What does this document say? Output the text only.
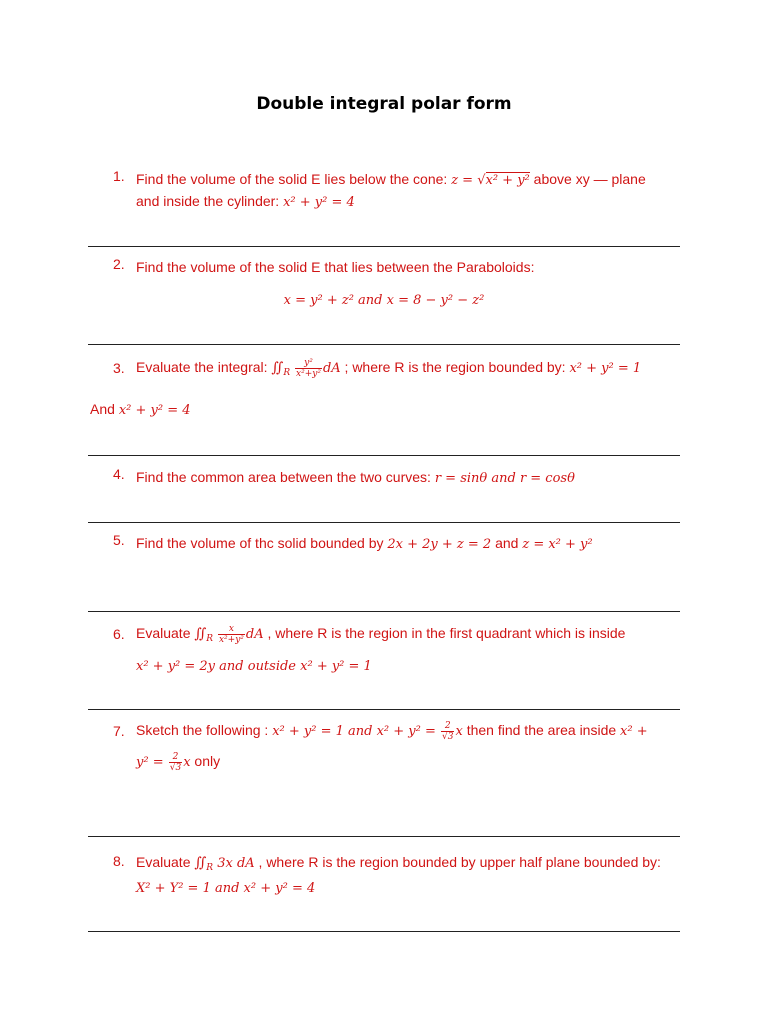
Double integral polar form
1. Find the volume of the solid E lies below the cone: z = √x² + y² above xy — plane
and inside the cylinder: x² + y² = 4
2. Find the volume of the solid E that lies between the Paraboloids:
x = y² + z² and x = 8 − y² − z²
3. Evaluate the integral: $∬_R \frac{\text{y²}}{\text{x²+y²}}$ dA ; where R is the region bounded by: x² + y² = 1
And x² + y² = 4
4. Find the common area between the two curves: r = sinθ and r = cosθ
5. Find the volume of thc solid bounded by 2x + 2y + z = 2 and z = x² + y²
6. Evaluate $∬_R \frac{x}{\text{x²+y²}}$ dA , where R is the region in the first quadrant which is inside
x² + y² = 2y and outside x² + y² = 1
7. Sketch the following : x² + y² = 1 and $x^2 + y^2 = \frac{2}{√3}$ x then find the area inside x² +
$y^2 = \frac{2}{√3}$ x only
8. Evaluate $∬_R$ 3x dA , where R is the region bounded by upper half plane bounded by:
X² + Y² = 1 and x² + y² = 4
